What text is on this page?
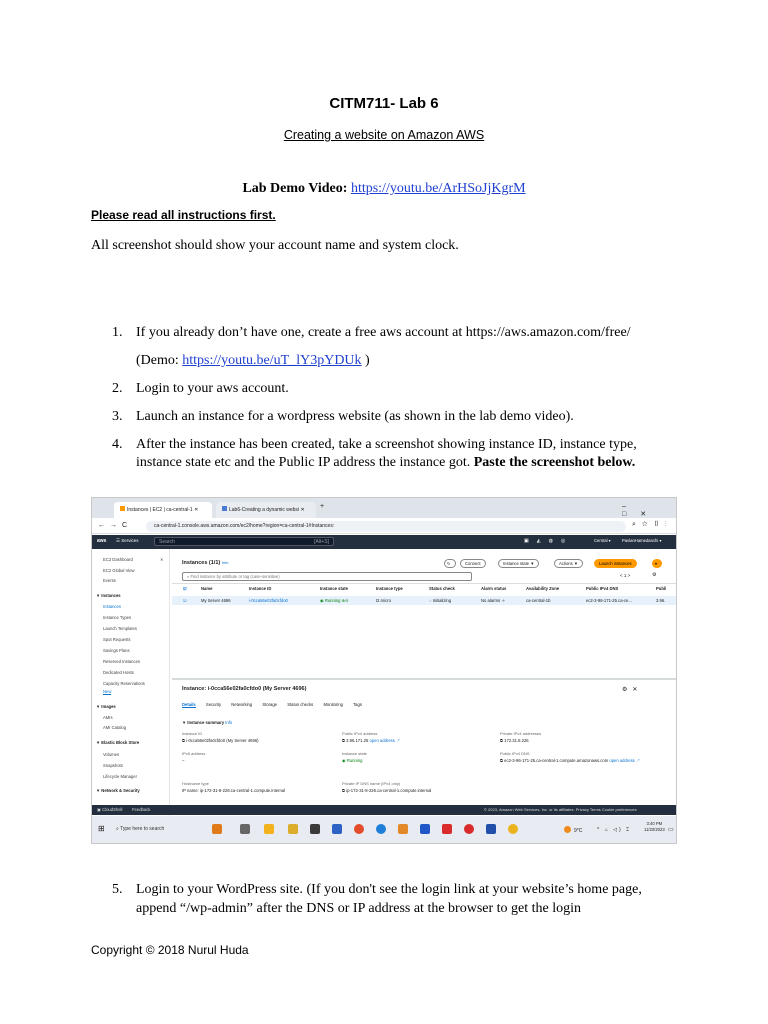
CITM711- Lab 6
Creating a website on Amazon AWS
Lab Demo Video: https://youtu.be/ArHSoJjKgrM
Please read all instructions first.
All screenshot should show your account name and system clock.
1. If you already don’t have one, create a free aws account at https://aws.amazon.com/free/
(Demo: https://youtu.be/uT_lY3pYDUk )
2. Login to your aws account.
3. Launch an instance for a wordpress website (as shown in the lab demo video).
4. After the instance has been created, take a screenshot showing instance ID, instance type, instance state etc and the Public IP address the instance got. Paste the screenshot below.
Instances | EC2 | ca-central-1 ✕	Lab6-Creating a dynamic websi ✕	+	–□✕
←→C	ca-central-1.console.aws.amazon.com/ec2/home?region=ca-central-1#Instances:	⌕☆▯⋮
aws ☰ Services	Search	[Alt+S]	▣◭◍◎	Central ▾	PavlanHamedanchi ▾
EC2 Dashboard	✕
EC2 Global View
Events
▼ Instances
Instances
Instance Types
Launch Templates
Spot Requests
Savings Plans
Reserved Instances
Dedicated Hosts
Capacity Reservations
New
▼ Images
AMIs
AMI Catalog
▼ Elastic Block Store
Volumes
Snapshots
Lifecycle Manager
▼ Network & Security
Instances (1/1) Info	↻	Connect	Instance state ▼	Actions ▼	Launch instances	▾
⌕ Find instance by attribute or tag (case-sensitive)	< 1 >	⚙
☑	Name	Instance ID	Instance state	Instance type	Status check	Alarm status	Availability Zone	Public IPv4 DNS	Publi
☑	My Server 4696	i-0ccа56e02fа0cfdо0	◉ Running ⊕⊖	t2.micro	◌ Initializing	No alarms ＋	ca-central-1b	ec2-3-96-171-25.ca-ce...	3.96.
Instance: i-0cca56e02fa0cfdo0 (My Server 4696)	⚙✕
Details Security Networking Storage Status checks Monitoring Tags
▼ Instance summary Info
Instance ID
⧉ i-0cca56e02fa0cfdo0 (My Server 4696)
Public IPv4 address
⧉ 3.96.171.25 open address ↗
Private IPv4 addresses
⧉ 172.31.8.226
IPv6 address
–
Instance state
◉ Running
Public IPv4 DNS
⧉ ec2-3-96-171-25.ca-central-1.compute.amazonaws.com open address ↗
Hostname type
IP name: ip-172-31-8-226.ca-central-1.compute.internal
Private IP DNS name (IPv4 only)
⧉ ip-172-31-8-226.ca-central-1.compute.internal
▣ CloudShell Feedback	© 2023, Amazon Web Services, Inc. or its affiliates. Privacy Terms Cookie preferences
⊞ ⌕ Type here to search	9°C	^ ⌂ ◁) ⌶
3:40 PM
11/20/2023 ▭
5. Login to your WordPress site. (If you don't see the login link at your website’s home page, append “/wp-admin” after the DNS or IP address at the browser to get the login
Copyright © 2018 Nurul Huda
